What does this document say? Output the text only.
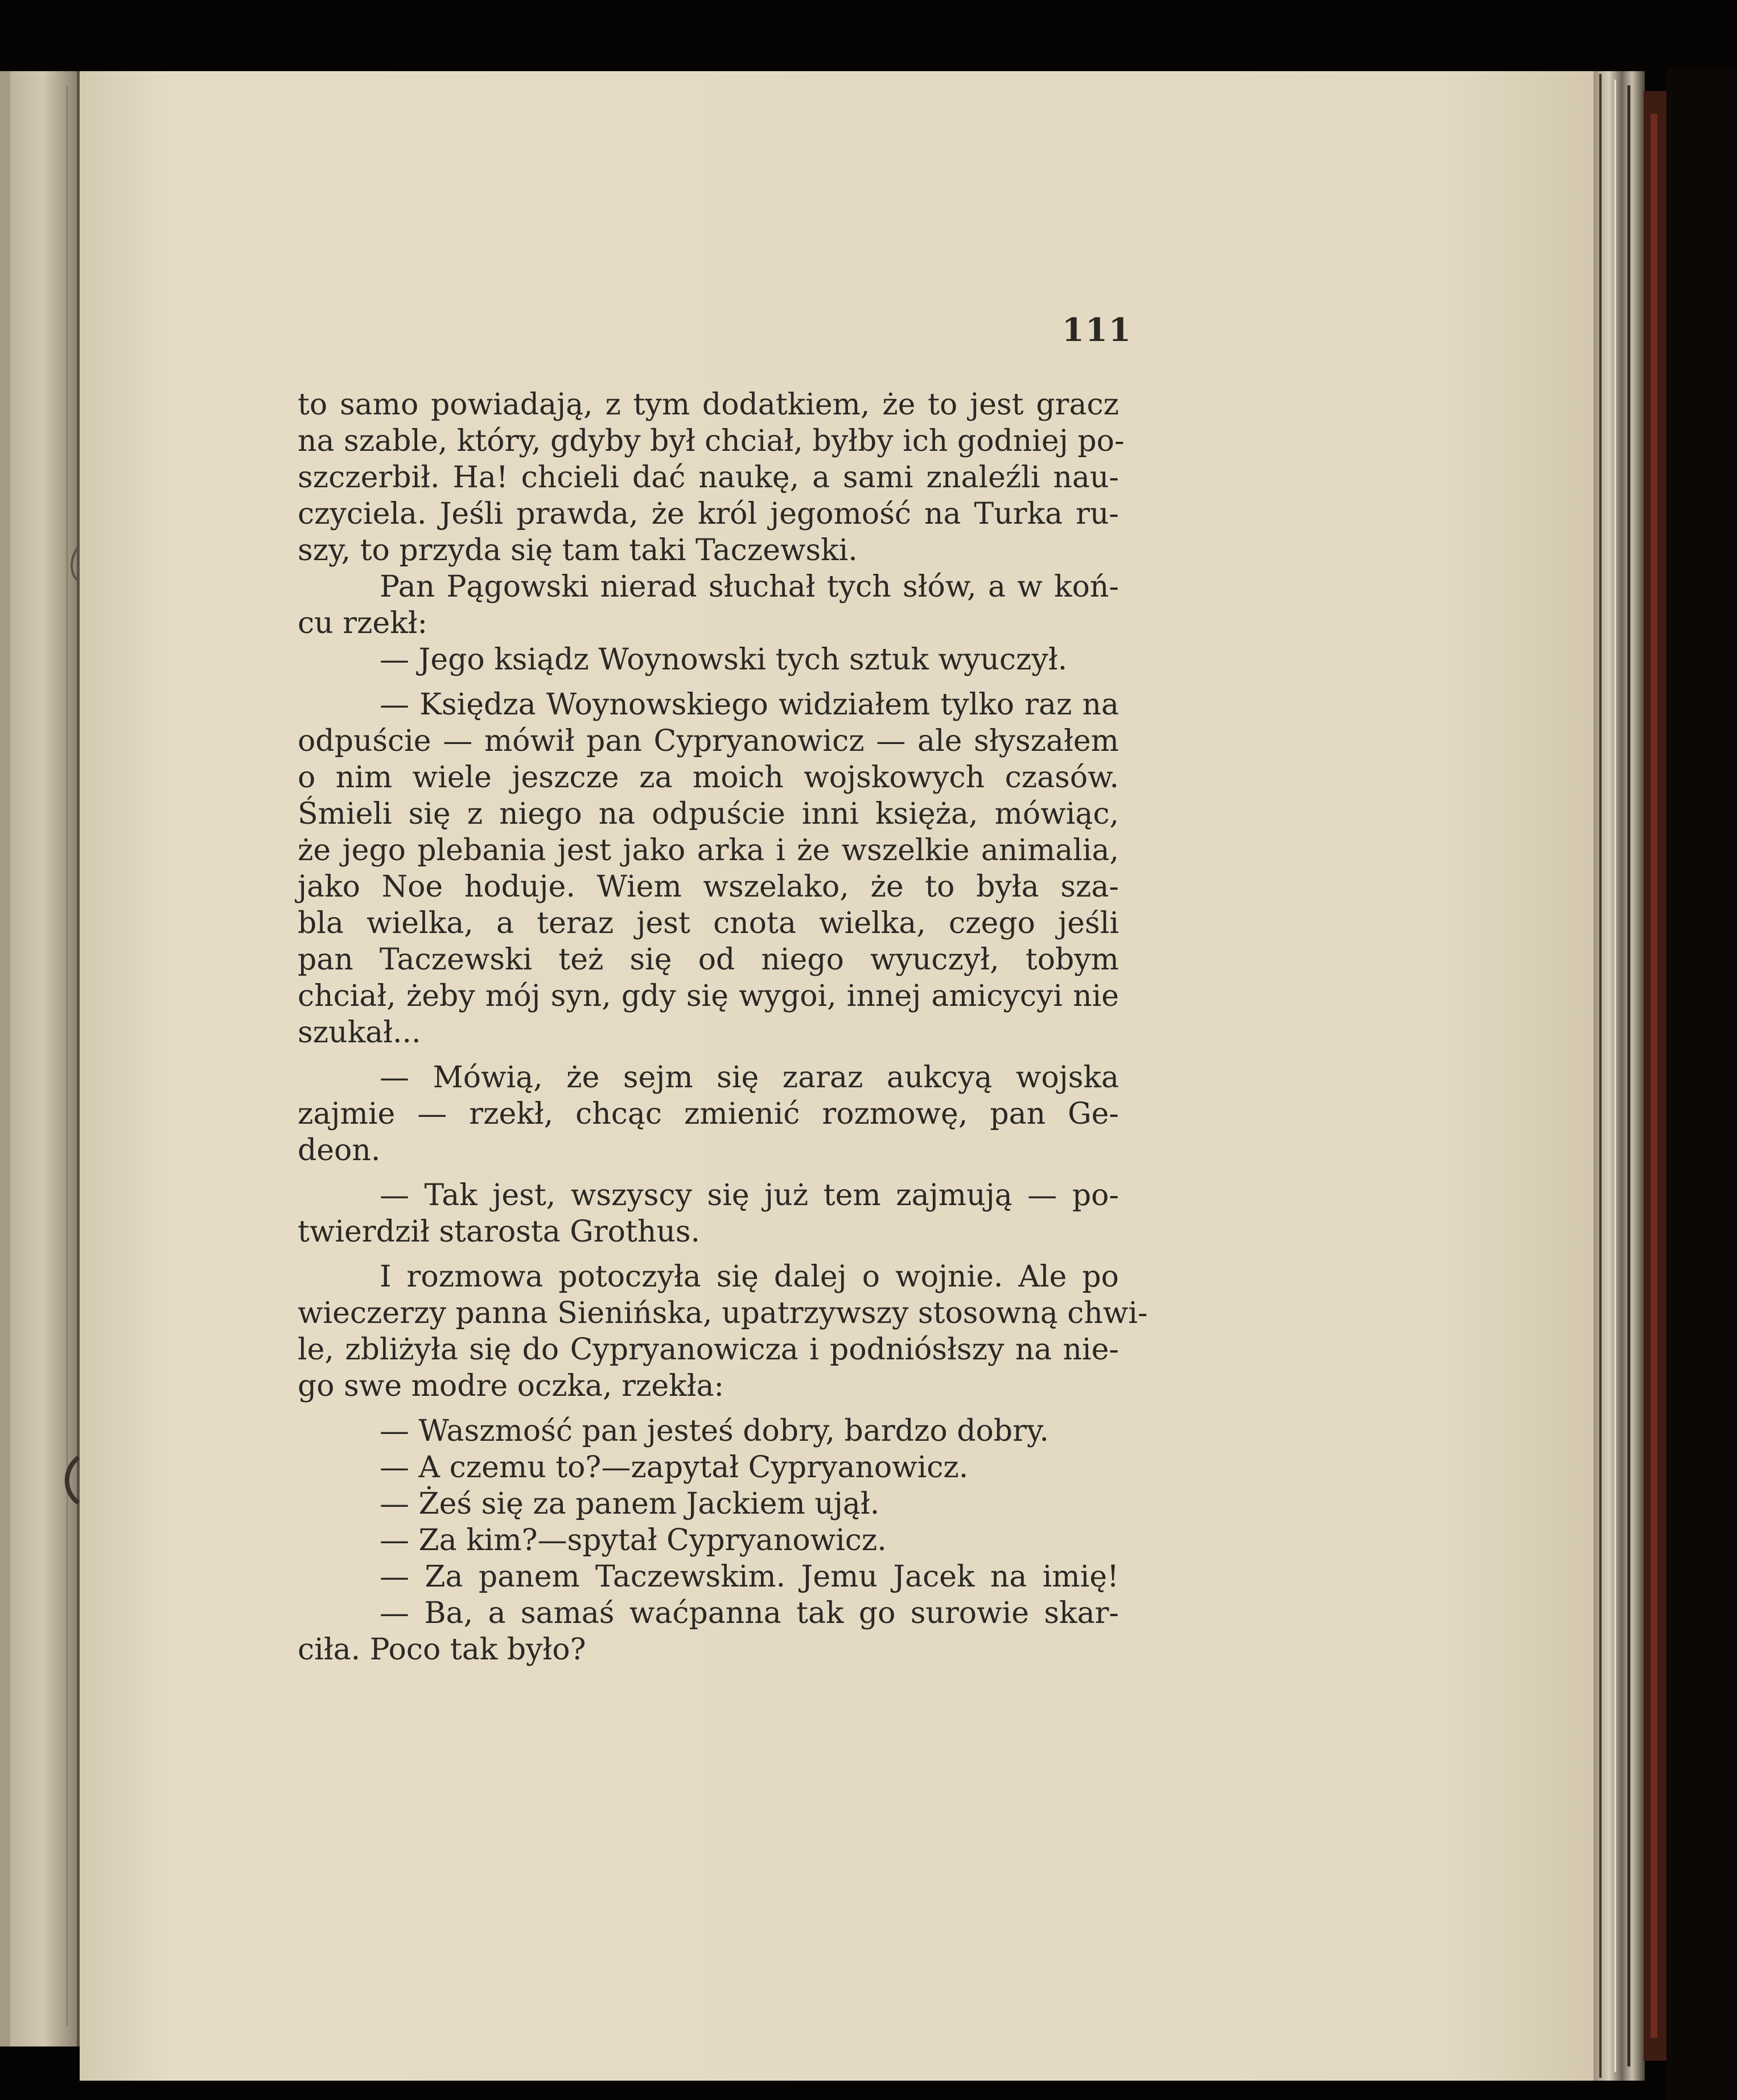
111
to samo powiadają, z tym dodatkiem, że to jest gracz
na szable, który, gdyby był chciał, byłby ich godniej po-
szczerbił. Ha! chcieli dać naukę, a sami znaleźli nau-
czyciela. Jeśli prawda, że król jegomość na Turka ru-
szy, to przyda się tam taki Taczewski.
Pan Pągowski nierad słuchał tych słów, a w koń-
cu rzekł:
— Jego ksiądz Woynowski tych sztuk wyuczył.
— Księdza Woynowskiego widziałem tylko raz na
odpuście — mówił pan Cypryanowicz — ale słyszałem
o nim wiele jeszcze za moich wojskowych czasów.
Śmieli się z niego na odpuście inni księża, mówiąc,
że jego plebania jest jako arka i że wszelkie animalia,
jako Noe hoduje. Wiem wszelako, że to była sza-
bla wielka, a teraz jest cnota wielka, czego jeśli
pan Taczewski też się od niego wyuczył, tobym
chciał, żeby mój syn, gdy się wygoi, innej amicycyi nie
szukał...
— Mówią, że sejm się zaraz aukcyą wojska
zajmie — rzekł, chcąc zmienić rozmowę, pan Ge-
deon.
— Tak jest, wszyscy się już tem zajmują — po-
twierdził starosta Grothus.
I rozmowa potoczyła się dalej o wojnie. Ale po
wieczerzy panna Sienińska, upatrzywszy stosowną chwi-
le, zbliżyła się do Cypryanowicza i podniósłszy na nie-
go swe modre oczka, rzekła:
— Waszmość pan jesteś dobry, bardzo dobry.
— A czemu to?—zapytał Cypryanowicz.
— Żeś się za panem Jackiem ujął.
— Za kim?—spytał Cypryanowicz.
— Za panem Taczewskim. Jemu Jacek na imię!
— Ba, a samaś waćpanna tak go surowie skar-
ciła. Poco tak było?
